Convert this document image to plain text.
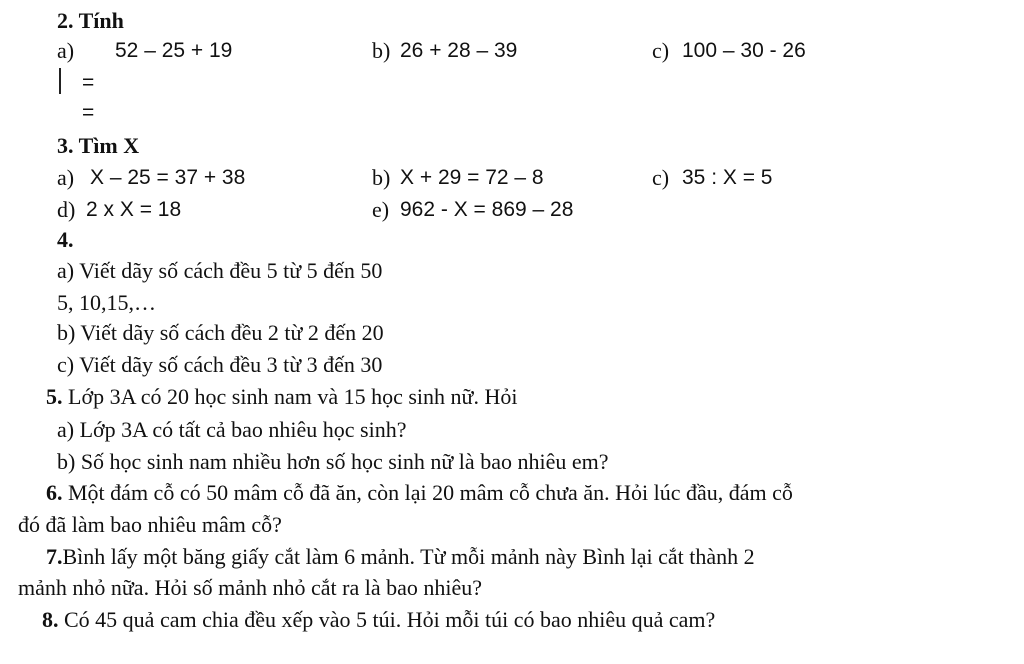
2. Tính
a) 52 – 25 + 19	b) 26 + 28 – 39	c) 100 – 30 - 26
=
=
3. Tìm X
a) X – 25 = 37 + 38	b) X + 29 = 72 – 8	c) 35 : X = 5
d) 2 x X = 18	e) 962 - X = 869 – 28
4.
a) Viết dãy số cách đều 5 từ 5 đến 50
5, 10,15,…
b) Viết dãy số cách đều 2 từ 2 đến 20
c) Viết dãy số cách đều 3 từ 3 đến 30
5. Lớp 3A có 20 học sinh nam và 15 học sinh nữ. Hỏi
a) Lớp 3A có tất cả bao nhiêu học sinh?
b) Số học sinh nam nhiều hơn số học sinh nữ là bao nhiêu em?
6. Một đám cỗ có 50 mâm cỗ đã ăn, còn lại 20 mâm cỗ chưa ăn. Hỏi lúc đầu, đám cỗ
đó đã làm bao nhiêu mâm cỗ?
7.Bình lấy một băng giấy cắt làm 6 mảnh. Từ mỗi mảnh này Bình lại cắt thành 2
mảnh nhỏ nữa. Hỏi số mảnh nhỏ cắt ra là bao nhiêu?
8. Có 45 quả cam chia đều xếp vào 5 túi. Hỏi mỗi túi có bao nhiêu quả cam?
